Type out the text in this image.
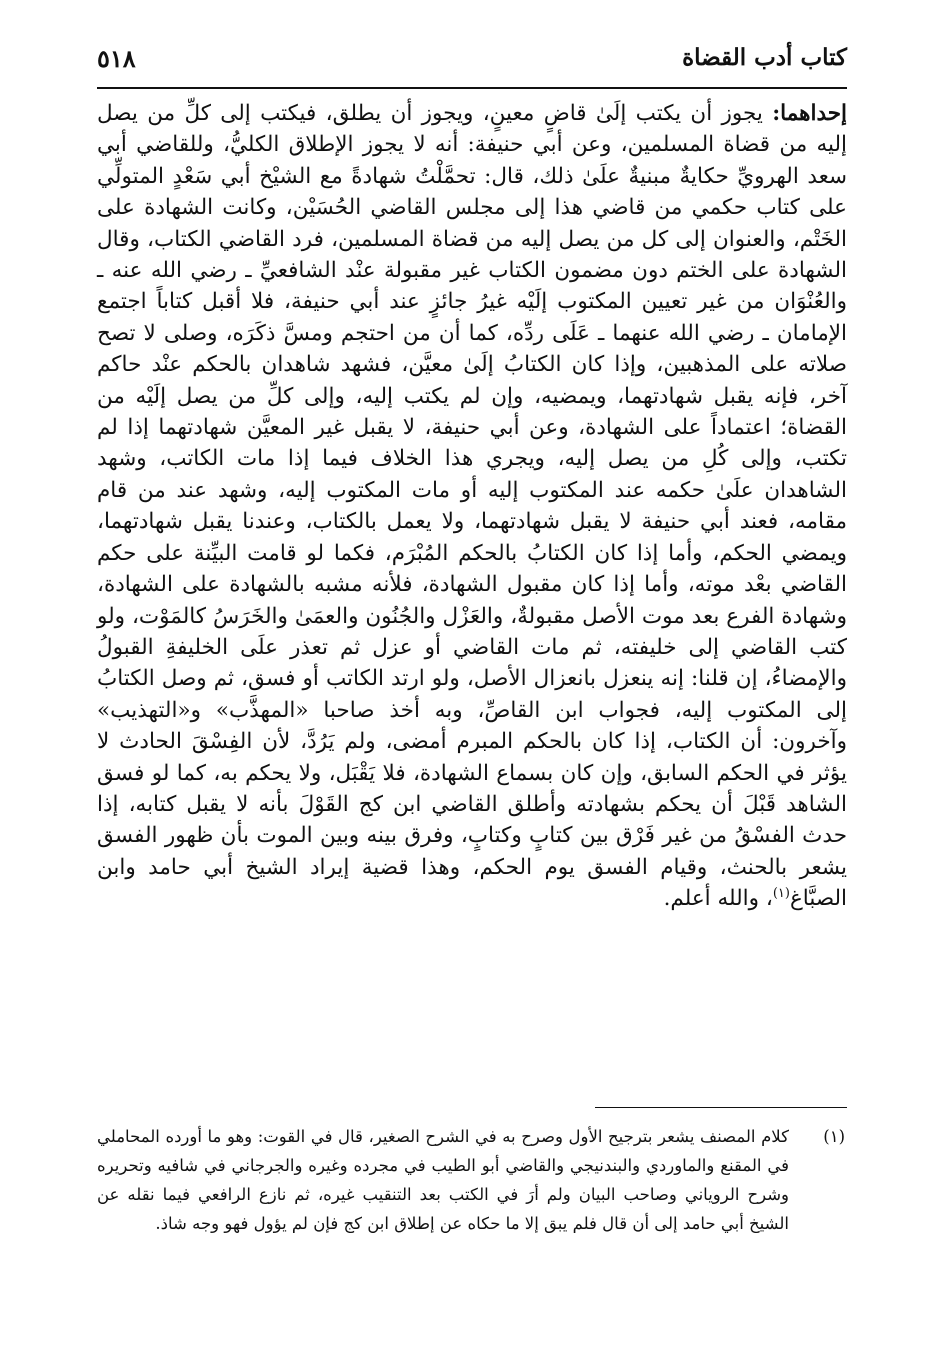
كتاب أدب القضاة
٥١٨

إحداهما: يجوز أن يكتب إلَىٰ قاضٍ معينٍ، ويجوز أن يطلق، فيكتب إلى كلِّ من يصل إليه من قضاة المسلمين، وعن أبي حنيفة: أنه لا يجوز الإطلاق الكليُّ، وللقاضي أبي سعد الهرويِّ حكايةٌ مبنيةٌ علَىٰ ذلك، قال: تحمَّلْتُ شهادةً مع الشيْخ أبي سَعْدٍ المتولِّي على كتاب حكمي من قاضي هذا إلى مجلس القاضي الحُسَيْن، وكانت الشهادة على الخَتْم، والعنوان إلى كل من يصل إليه من قضاة المسلمين، فرد القاضي الكتاب، وقال الشهادة على الختم دون مضمون الكتاب غير مقبولة عنْد الشافعيِّ ـ رضي الله عنه ـ والعُنْوَان من غير تعيين المكتوب إلَيْه غيرُ جائزٍ عند أبي حنيفة، فلا أقبل كتاباً اجتمع الإمامان ـ رضي الله عنهما ـ عَلَى ردِّه، كما أن من احتجم ومسَّ ذكَرَه، وصلى لا تصح صلاته على المذهبين، وإذا كان الكتابُ إلَىٰ معيَّن، فشهد شاهدان بالحكم عنْد حاكم آخر، فإنه يقبل شهادتهما، ويمضيه، وإن لم يكتب إليه، وإلى كلِّ من يصل إلَيْه من القضاة؛ اعتماداً على الشهادة، وعن أبي حنيفة، لا يقبل غير المعيَّن شهادتهما إذا لم تكتب، وإلى كُلِ من يصل إليه، ويجري هذا الخلاف فيما إذا مات الكاتب، وشهد الشاهدان علَىٰ حكمه عند المكتوب إليه أو مات المكتوب إليه، وشهد عند من قام مقامه، فعند أبي حنيفة لا يقبل شهادتهما، ولا يعمل بالكتاب، وعندنا يقبل شهادتهما، ويمضي الحكم، وأما إذا كان الكتابُ بالحكم المُبْرَم، فكما لو قامت البيِّنة على حكم القاضي بعْد موته، وأما إذا كان مقبول الشهادة، فلأنه مشبه بالشهادة على الشهادة، وشهادة الفرع بعد موت الأصل مقبولةٌ، والعَزْل والجُنُون والعمَىٰ والخَرَسُ كالمَوْت، ولو كتب القاضي إلى خليفته، ثم مات القاضي أو عزل ثم تعذر علَى الخليفةِ القبولُ والإمضاءُ، إن قلنا: إنه ينعزل بانعزال الأصل، ولو ارتد الكاتب أو فسق، ثم وصل الكتابُ إلى المكتوب إليه، فجواب ابن القاصِّ، وبه أخذ صاحبا «المهذَّب» و«التهذيب» وآخرون: أن الكتاب، إذا كان بالحكم المبرم أمضى، ولم يَرُدَّ، لأن الفِسْقَ الحادث لا يؤثر في الحكم السابق، وإن كان بسماع الشهادة، فلا يَقْبَل، ولا يحكم به، كما لو فسق الشاهد قَبْلَ أن يحكم بشهادته وأطلق القاضي ابن كج القَوْلَ بأنه لا يقبل كتابه، إذا حدث الفسْقُ من غير فَرْق بين كتابٍ وكتابٍ، وفرق بينه وبين الموت بأن ظهور الفسق يشعر بالحنث، وقيام الفسق يوم الحكم، وهذا قضية إيراد الشيخ أبي حامد وابن الصبَّاغ$^{(١)}$، والله أعلم.

(١)
كلام المصنف يشعر بترجيح الأول وصرح به في الشرح الصغير، قال في القوت: وهو ما أورده المحاملي في المقنع والماوردي والبندنيجي والقاضي أبو الطيب في مجرده وغيره والجرجاني في شافيه وتحريره وشرح الروياني وصاحب البيان ولم أرَ في الكتب بعد التنقيب غيره، ثم نازع الرافعي فيما نقله عن الشيخ أبي حامد إلى أن قال فلم يبق إلا ما حكاه عن إطلاق ابن كج فإن لم يؤول فهو وجه شاذ.
